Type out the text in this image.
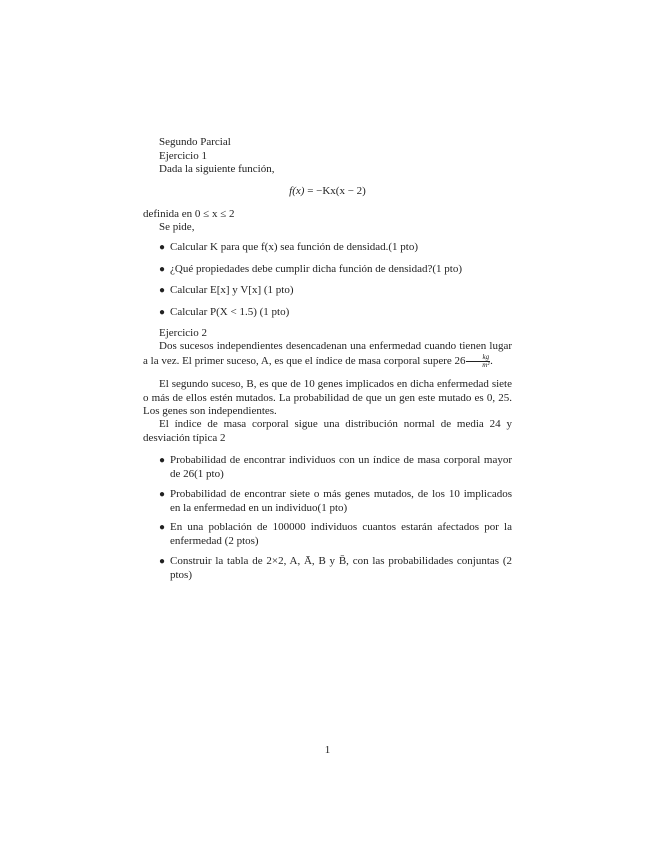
Segundo Parcial
Ejercicio 1
Dada la siguiente función,
f(x) = −Kx(x − 2)
definida en 0 ≤ x ≤ 2
Se pide,
● Calcular K para que f(x) sea función de densidad.(1 pto)
● ¿Qué propiedades debe cumplir dicha función de densidad?(1 pto)
● Calcular E[x] y V[x] (1 pto)
● Calcular P(X < 1.5) (1 pto)
Ejercicio 2
Dos sucesos independientes desencadenan una enfermedad cuando tienen lugar a la vez. El primer suceso, A, es que el índice de masa corporal supere $26 \frac{kg}{\text{m²}}$ .
El segundo suceso, B, es que de 10 genes implicados en dicha enfermedad siete o más de ellos estén mutados. La probabilidad de que un gen este mutado es 0, 25. Los genes son independientes.
El índice de masa corporal sigue una distribución normal de media 24 y desviación típica 2
● Probabilidad de encontrar individuos con un índice de masa corporal mayor de 26(1 pto)
● Probabilidad de encontrar siete o más genes mutados, de los 10 implicados en la enfermedad en un individuo(1 pto)
● En una población de 100000 individuos cuantos estarán afectados por la enfermedad (2 ptos)
● Construir la tabla de 2×2, A, Ā, B y B̄, con las probabilidades conjuntas (2 ptos)
1
